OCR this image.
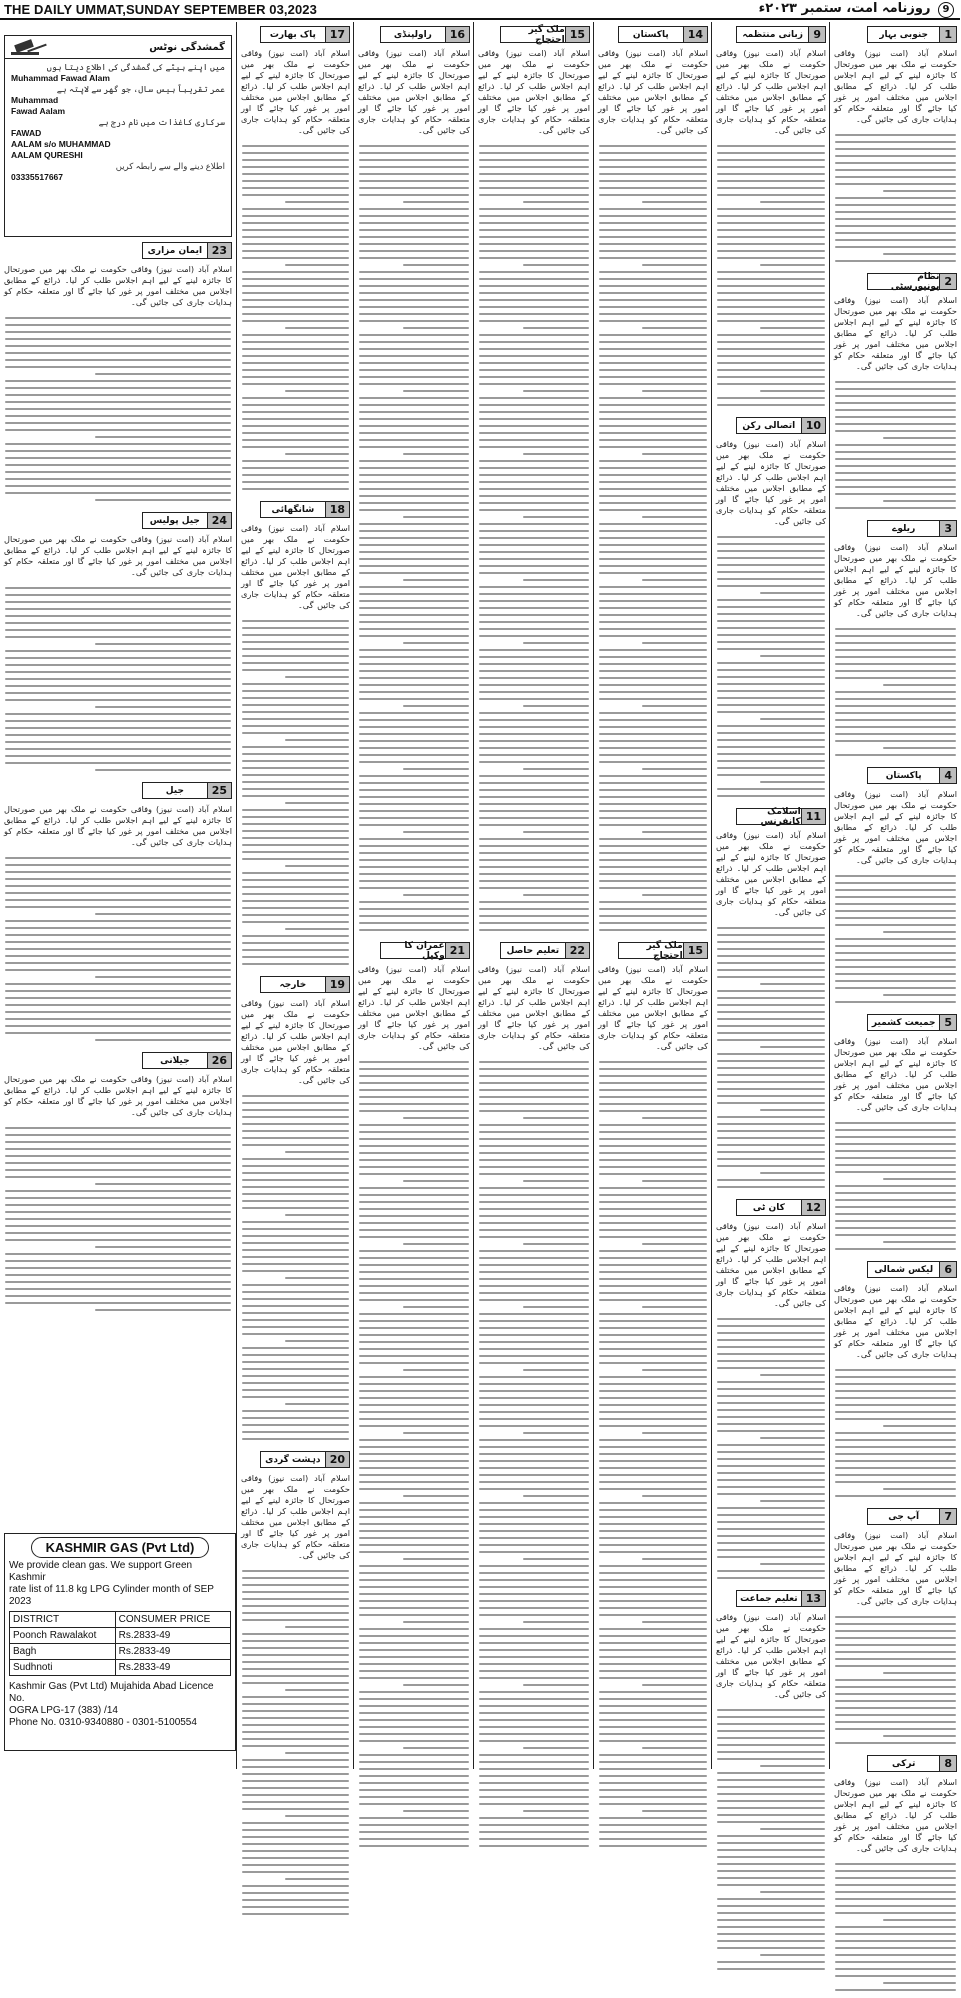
THE DAILY UMMAT,SUNDAY SEPTEMBER 03,2023	9 روزنامہ امت، ستمبر ۲۰۲۳ء
23
ایمان مزاری
اسلام آباد (امت نیوز) وفاقی حکومت نے ملک بھر میں صورتحال کا جائزہ لینے کے لیے اہم اجلاس طلب کر لیا۔ ذرائع کے مطابق اجلاس میں مختلف امور پر غور کیا جائے گا اور متعلقہ حکام کو ہدایات جاری کی جائیں گی۔
24
جیل پولیس
اسلام آباد (امت نیوز) وفاقی حکومت نے ملک بھر میں صورتحال کا جائزہ لینے کے لیے اہم اجلاس طلب کر لیا۔ ذرائع کے مطابق اجلاس میں مختلف امور پر غور کیا جائے گا اور متعلقہ حکام کو ہدایات جاری کی جائیں گی۔
25
جیل
اسلام آباد (امت نیوز) وفاقی حکومت نے ملک بھر میں صورتحال کا جائزہ لینے کے لیے اہم اجلاس طلب کر لیا۔ ذرائع کے مطابق اجلاس میں مختلف امور پر غور کیا جائے گا اور متعلقہ حکام کو ہدایات جاری کی جائیں گی۔
26
جیلانی
اسلام آباد (امت نیوز) وفاقی حکومت نے ملک بھر میں صورتحال کا جائزہ لینے کے لیے اہم اجلاس طلب کر لیا۔ ذرائع کے مطابق اجلاس میں مختلف امور پر غور کیا جائے گا اور متعلقہ حکام کو ہدایات جاری کی جائیں گی۔
17
پاک بھارت
اسلام آباد (امت نیوز) وفاقی حکومت نے ملک بھر میں صورتحال کا جائزہ لینے کے لیے اہم اجلاس طلب کر لیا۔ ذرائع کے مطابق اجلاس میں مختلف امور پر غور کیا جائے گا اور متعلقہ حکام کو ہدایات جاری کی جائیں گی۔
18
شانگھائی
اسلام آباد (امت نیوز) وفاقی حکومت نے ملک بھر میں صورتحال کا جائزہ لینے کے لیے اہم اجلاس طلب کر لیا۔ ذرائع کے مطابق اجلاس میں مختلف امور پر غور کیا جائے گا اور متعلقہ حکام کو ہدایات جاری کی جائیں گی۔
19
خارجہ
اسلام آباد (امت نیوز) وفاقی حکومت نے ملک بھر میں صورتحال کا جائزہ لینے کے لیے اہم اجلاس طلب کر لیا۔ ذرائع کے مطابق اجلاس میں مختلف امور پر غور کیا جائے گا اور متعلقہ حکام کو ہدایات جاری کی جائیں گی۔
20
دہشت گردی
اسلام آباد (امت نیوز) وفاقی حکومت نے ملک بھر میں صورتحال کا جائزہ لینے کے لیے اہم اجلاس طلب کر لیا۔ ذرائع کے مطابق اجلاس میں مختلف امور پر غور کیا جائے گا اور متعلقہ حکام کو ہدایات جاری کی جائیں گی۔
16
راولپنڈی
اسلام آباد (امت نیوز) وفاقی حکومت نے ملک بھر میں صورتحال کا جائزہ لینے کے لیے اہم اجلاس طلب کر لیا۔ ذرائع کے مطابق اجلاس میں مختلف امور پر غور کیا جائے گا اور متعلقہ حکام کو ہدایات جاری کی جائیں گی۔
21
عمران کا وکیل
اسلام آباد (امت نیوز) وفاقی حکومت نے ملک بھر میں صورتحال کا جائزہ لینے کے لیے اہم اجلاس طلب کر لیا۔ ذرائع کے مطابق اجلاس میں مختلف امور پر غور کیا جائے گا اور متعلقہ حکام کو ہدایات جاری کی جائیں گی۔
15
ملک گیر احتجاج
اسلام آباد (امت نیوز) وفاقی حکومت نے ملک بھر میں صورتحال کا جائزہ لینے کے لیے اہم اجلاس طلب کر لیا۔ ذرائع کے مطابق اجلاس میں مختلف امور پر غور کیا جائے گا اور متعلقہ حکام کو ہدایات جاری کی جائیں گی۔
22
تعلیم حاصل
اسلام آباد (امت نیوز) وفاقی حکومت نے ملک بھر میں صورتحال کا جائزہ لینے کے لیے اہم اجلاس طلب کر لیا۔ ذرائع کے مطابق اجلاس میں مختلف امور پر غور کیا جائے گا اور متعلقہ حکام کو ہدایات جاری کی جائیں گی۔
14
پاکستان
اسلام آباد (امت نیوز) وفاقی حکومت نے ملک بھر میں صورتحال کا جائزہ لینے کے لیے اہم اجلاس طلب کر لیا۔ ذرائع کے مطابق اجلاس میں مختلف امور پر غور کیا جائے گا اور متعلقہ حکام کو ہدایات جاری کی جائیں گی۔
15
ملک گیر احتجاج
اسلام آباد (امت نیوز) وفاقی حکومت نے ملک بھر میں صورتحال کا جائزہ لینے کے لیے اہم اجلاس طلب کر لیا۔ ذرائع کے مطابق اجلاس میں مختلف امور پر غور کیا جائے گا اور متعلقہ حکام کو ہدایات جاری کی جائیں گی۔
9
زبانی منتظمہ
اسلام آباد (امت نیوز) وفاقی حکومت نے ملک بھر میں صورتحال کا جائزہ لینے کے لیے اہم اجلاس طلب کر لیا۔ ذرائع کے مطابق اجلاس میں مختلف امور پر غور کیا جائے گا اور متعلقہ حکام کو ہدایات جاری کی جائیں گی۔
10
اتصالی رکن
اسلام آباد (امت نیوز) وفاقی حکومت نے ملک بھر میں صورتحال کا جائزہ لینے کے لیے اہم اجلاس طلب کر لیا۔ ذرائع کے مطابق اجلاس میں مختلف امور پر غور کیا جائے گا اور متعلقہ حکام کو ہدایات جاری کی جائیں گی۔
11
اسلامک کانفرنس
اسلام آباد (امت نیوز) وفاقی حکومت نے ملک بھر میں صورتحال کا جائزہ لینے کے لیے اہم اجلاس طلب کر لیا۔ ذرائع کے مطابق اجلاس میں مختلف امور پر غور کیا جائے گا اور متعلقہ حکام کو ہدایات جاری کی جائیں گی۔
12
کان ٹی
اسلام آباد (امت نیوز) وفاقی حکومت نے ملک بھر میں صورتحال کا جائزہ لینے کے لیے اہم اجلاس طلب کر لیا۔ ذرائع کے مطابق اجلاس میں مختلف امور پر غور کیا جائے گا اور متعلقہ حکام کو ہدایات جاری کی جائیں گی۔
13
تعلیم جماعت
اسلام آباد (امت نیوز) وفاقی حکومت نے ملک بھر میں صورتحال کا جائزہ لینے کے لیے اہم اجلاس طلب کر لیا۔ ذرائع کے مطابق اجلاس میں مختلف امور پر غور کیا جائے گا اور متعلقہ حکام کو ہدایات جاری کی جائیں گی۔
1
جنوبی بہار
اسلام آباد (امت نیوز) وفاقی حکومت نے ملک بھر میں صورتحال کا جائزہ لینے کے لیے اہم اجلاس طلب کر لیا۔ ذرائع کے مطابق اجلاس میں مختلف امور پر غور کیا جائے گا اور متعلقہ حکام کو ہدایات جاری کی جائیں گی۔
2
نظام یونیورسٹی
اسلام آباد (امت نیوز) وفاقی حکومت نے ملک بھر میں صورتحال کا جائزہ لینے کے لیے اہم اجلاس طلب کر لیا۔ ذرائع کے مطابق اجلاس میں مختلف امور پر غور کیا جائے گا اور متعلقہ حکام کو ہدایات جاری کی جائیں گی۔
3
ریلوے
اسلام آباد (امت نیوز) وفاقی حکومت نے ملک بھر میں صورتحال کا جائزہ لینے کے لیے اہم اجلاس طلب کر لیا۔ ذرائع کے مطابق اجلاس میں مختلف امور پر غور کیا جائے گا اور متعلقہ حکام کو ہدایات جاری کی جائیں گی۔
4
پاکستان
اسلام آباد (امت نیوز) وفاقی حکومت نے ملک بھر میں صورتحال کا جائزہ لینے کے لیے اہم اجلاس طلب کر لیا۔ ذرائع کے مطابق اجلاس میں مختلف امور پر غور کیا جائے گا اور متعلقہ حکام کو ہدایات جاری کی جائیں گی۔
5
جمیعت کشمیر
اسلام آباد (امت نیوز) وفاقی حکومت نے ملک بھر میں صورتحال کا جائزہ لینے کے لیے اہم اجلاس طلب کر لیا۔ ذرائع کے مطابق اجلاس میں مختلف امور پر غور کیا جائے گا اور متعلقہ حکام کو ہدایات جاری کی جائیں گی۔
6
لیکس شمالی
اسلام آباد (امت نیوز) وفاقی حکومت نے ملک بھر میں صورتحال کا جائزہ لینے کے لیے اہم اجلاس طلب کر لیا۔ ذرائع کے مطابق اجلاس میں مختلف امور پر غور کیا جائے گا اور متعلقہ حکام کو ہدایات جاری کی جائیں گی۔
7
آپ جی
اسلام آباد (امت نیوز) وفاقی حکومت نے ملک بھر میں صورتحال کا جائزہ لینے کے لیے اہم اجلاس طلب کر لیا۔ ذرائع کے مطابق اجلاس میں مختلف امور پر غور کیا جائے گا اور متعلقہ حکام کو ہدایات جاری کی جائیں گی۔
8
ترکی
اسلام آباد (امت نیوز) وفاقی حکومت نے ملک بھر میں صورتحال کا جائزہ لینے کے لیے اہم اجلاس طلب کر لیا۔ ذرائع کے مطابق اجلاس میں مختلف امور پر غور کیا جائے گا اور متعلقہ حکام کو ہدایات جاری کی جائیں گی۔
گمشدگی نوٹس
میں اپنے بیٹے کی گمشدگی کی اطلاع دیتا ہوں
Muhammad Fawad Alam
عمر تقریباً بیس سال، جو گھر سے لاپتہ ہے
Muhammad
Fawad Aalam
سرکاری کاغذات میں نام درج ہے
FAWAD
AALAM s/o MUHAMMAD
AALAM QURESHI
اطلاع دینے والے سے رابطہ کریں
03335517667
KASHMIR GAS (Pvt Ltd)
We provide clean gas. We support Green Kashmir
rate list of 11.8 kg LPG Cylinder month of SEP 2023
DISTRICT	CONSUMER PRICE
Poonch Rawalakot	Rs.2833-49
Bagh	Rs.2833-49
Sudhnoti	Rs.2833-49
Kashmir Gas (Pvt Ltd) Mujahida Abad Licence No.
OGRA LPG-17 (383) /14
Phone No. 0310-9340880 - 0301-5100554
